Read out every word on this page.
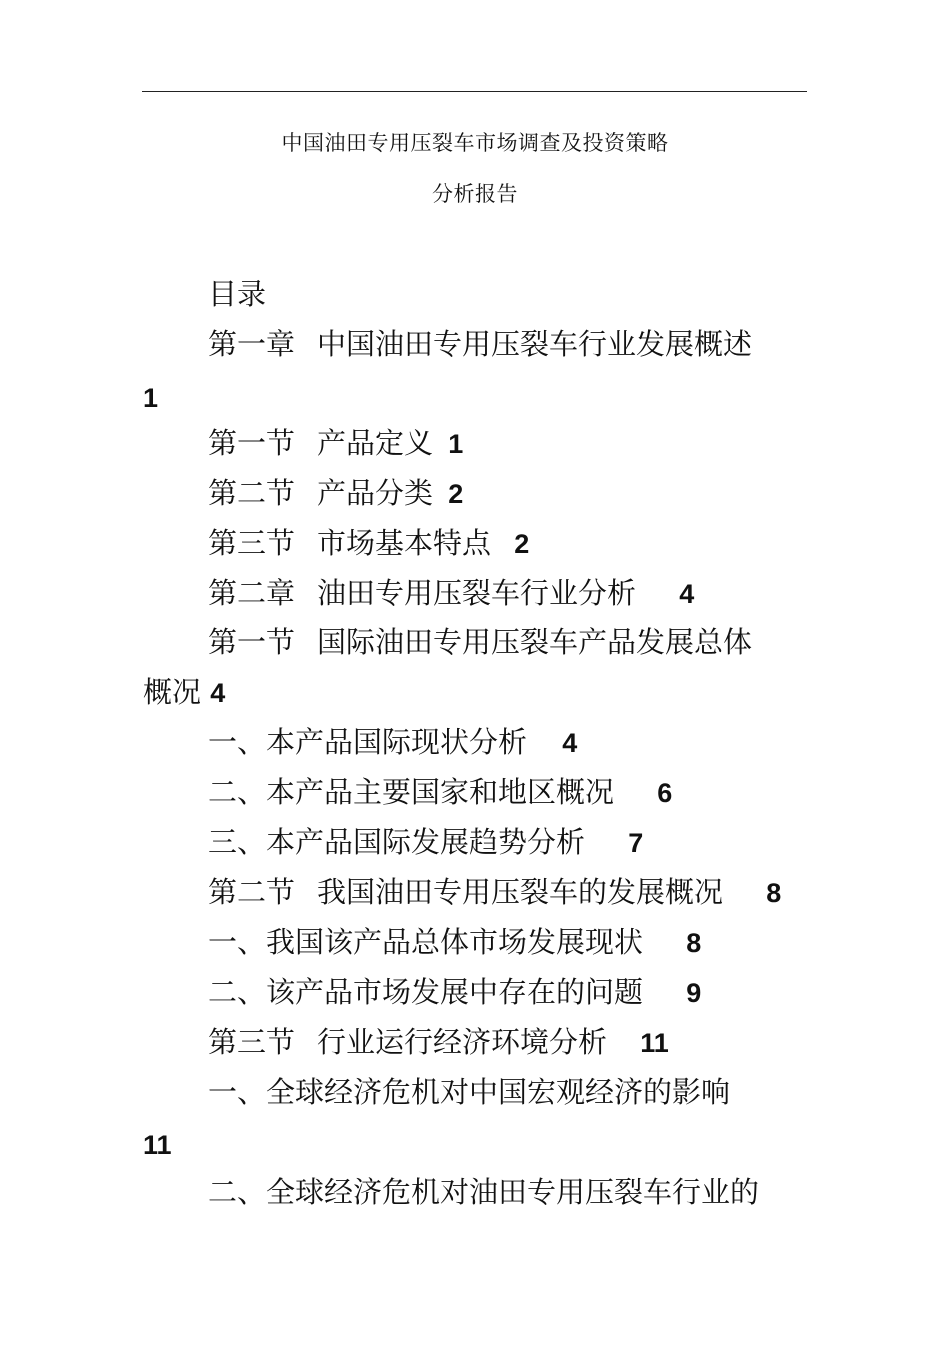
中国油田专用压裂车市场调查及投资策略
分析报告
目录
第一章 中国油田专用压裂车行业发展概述
1
第一节 产品定义 1
第二节 产品分类 2
第三节 市场基本特点 2
第二章 油田专用压裂车行业分析 4
第一节 国际油田专用压裂车产品发展总体
概况 4
一、本产品国际现状分析 4
二、本产品主要国家和地区概况 6
三、本产品国际发展趋势分析 7
第二节 我国油田专用压裂车的发展概况 8
一、我国该产品总体市场发展现状 8
二、该产品市场发展中存在的问题 9
第三节 行业运行经济环境分析 11
一、全球经济危机对中国宏观经济的影响
11
二、全球经济危机对油田专用压裂车行业的
